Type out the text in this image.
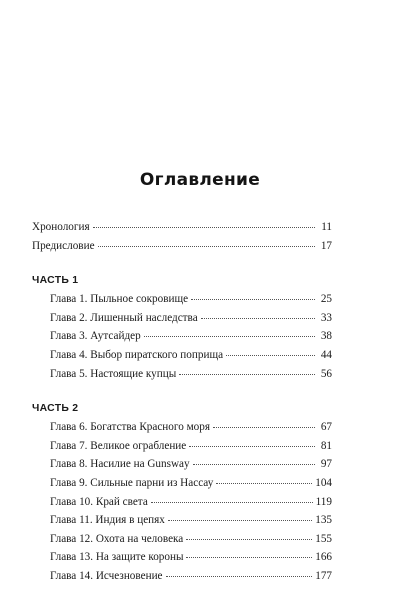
Оглавление
Хронология	11
Предисловие	17
ЧАСТЬ 1
Глава 1. Пыльное сокровище	25
Глава 2. Лишенный наследства	33
Глава 3. Аутсайдер	38
Глава 4. Выбор пиратского поприща	44
Глава 5. Настоящие купцы	56
ЧАСТЬ 2
Глава 6. Богатства Красного моря	67
Глава 7. Великое ограбление	81
Глава 8. Насилие на Gunsway	97
Глава 9. Сильные парни из Нассау	104
Глава 10. Край света	119
Глава 11. Индия в цепях	135
Глава 12. Охота на человека	155
Глава 13. На защите короны	166
Глава 14. Исчезновение	177
